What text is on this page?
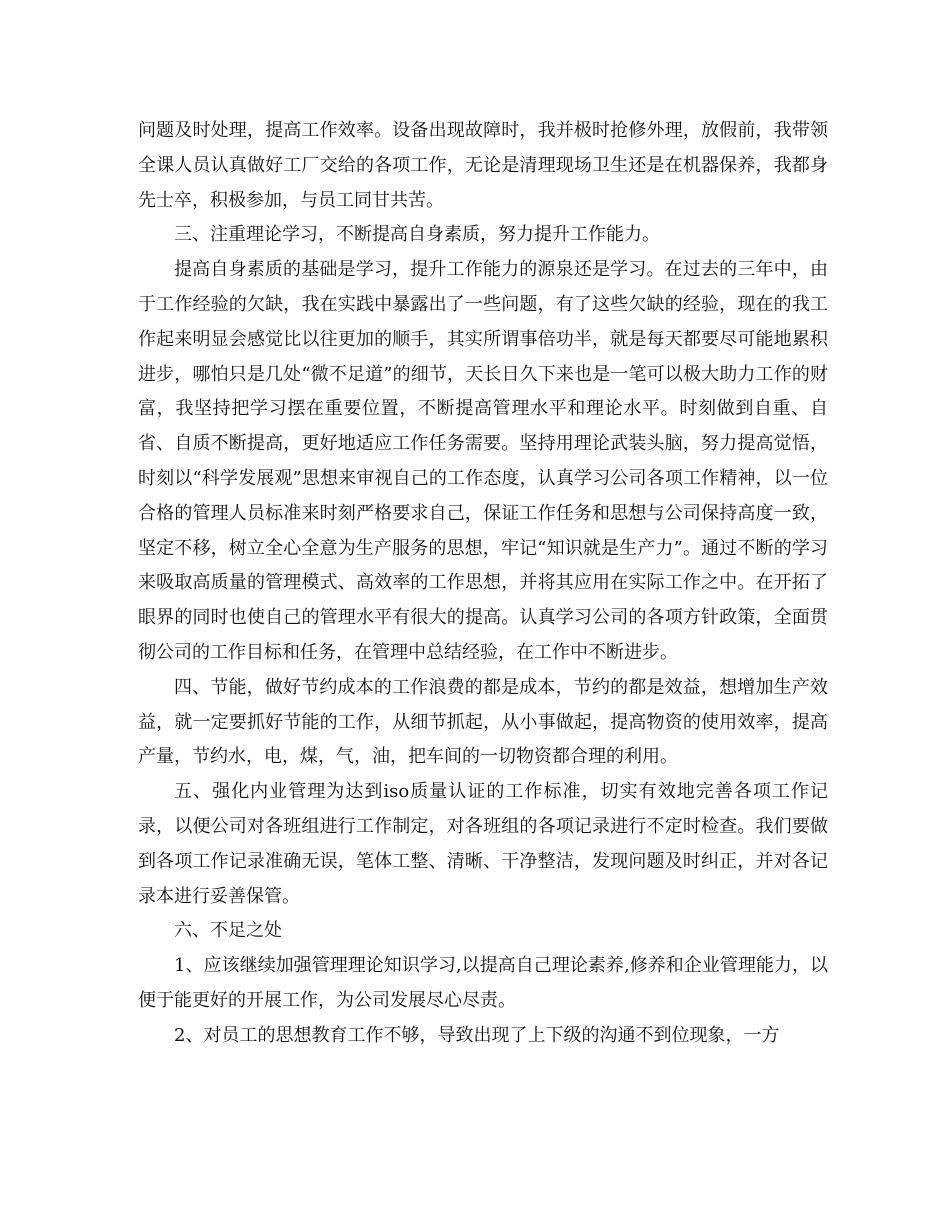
问题及时处理，提高工作效率。设备出现故障时，我并极时抢修外理，放假前，我带领全课人员认真做好工厂交给的各项工作，无论是清理现场卫生还是在机器保养，我都身先士卒，积极参加，与员工同甘共苦。

三、注重理论学习，不断提高自身素质，努力提升工作能力。

提高自身素质的基础是学习，提升工作能力的源泉还是学习。在过去的三年中，由于工作经验的欠缺，我在实践中暴露出了一些问题，有了这些欠缺的经验，现在的我工作起来明显会感觉比以往更加的顺手，其实所谓事倍功半，就是每天都要尽可能地累积进步，哪怕只是几处“微不足道”的细节，天长日久下来也是一笔可以极大助力工作的财富，我坚持把学习摆在重要位置，不断提高管理水平和理论水平。时刻做到自重、自省、自质不断提高，更好地适应工作任务需要。坚持用理论武装头脑，努力提高觉悟，时刻以“科学发展观”思想来审视自己的工作态度，认真学习公司各项工作精神，以一位合格的管理人员标准来时刻严格要求自己，保证工作任务和思想与公司保持高度一致，坚定不移，树立全心全意为生产服务的思想，牢记“知识就是生产力”。通过不断的学习来吸取高质量的管理模式、高效率的工作思想，并将其应用在实际工作之中。在开拓了眼界的同时也使自己的管理水平有很大的提高。认真学习公司的各项方针政策，全面贯彻公司的工作目标和任务，在管理中总结经验，在工作中不断进步。

四、节能，做好节约成本的工作浪费的都是成本，节约的都是效益，想增加生产效益，就一定要抓好节能的工作，从细节抓起，从小事做起，提高物资的使用效率，提高产量，节约水，电，煤，气，油，把车间的一切物资都合理的利用。

五、强化内业管理为达到iso质量认证的工作标准，切实有效地完善各项工作记录，以便公司对各班组进行工作制定，对各班组的各项记录进行不定时检查。我们要做到各项工作记录准确无误，笔体工整、清晰、干净整洁，发现问题及时纠正，并对各记录本进行妥善保管。

六、不足之处

1、应该继续加强管理理论知识学习,以提高自己理论素养,修养和企业管理能力，以便于能更好的开展工作，为公司发展尽心尽责。

2、对员工的思想教育工作不够，导致出现了上下级的沟通不到位现象，一方
